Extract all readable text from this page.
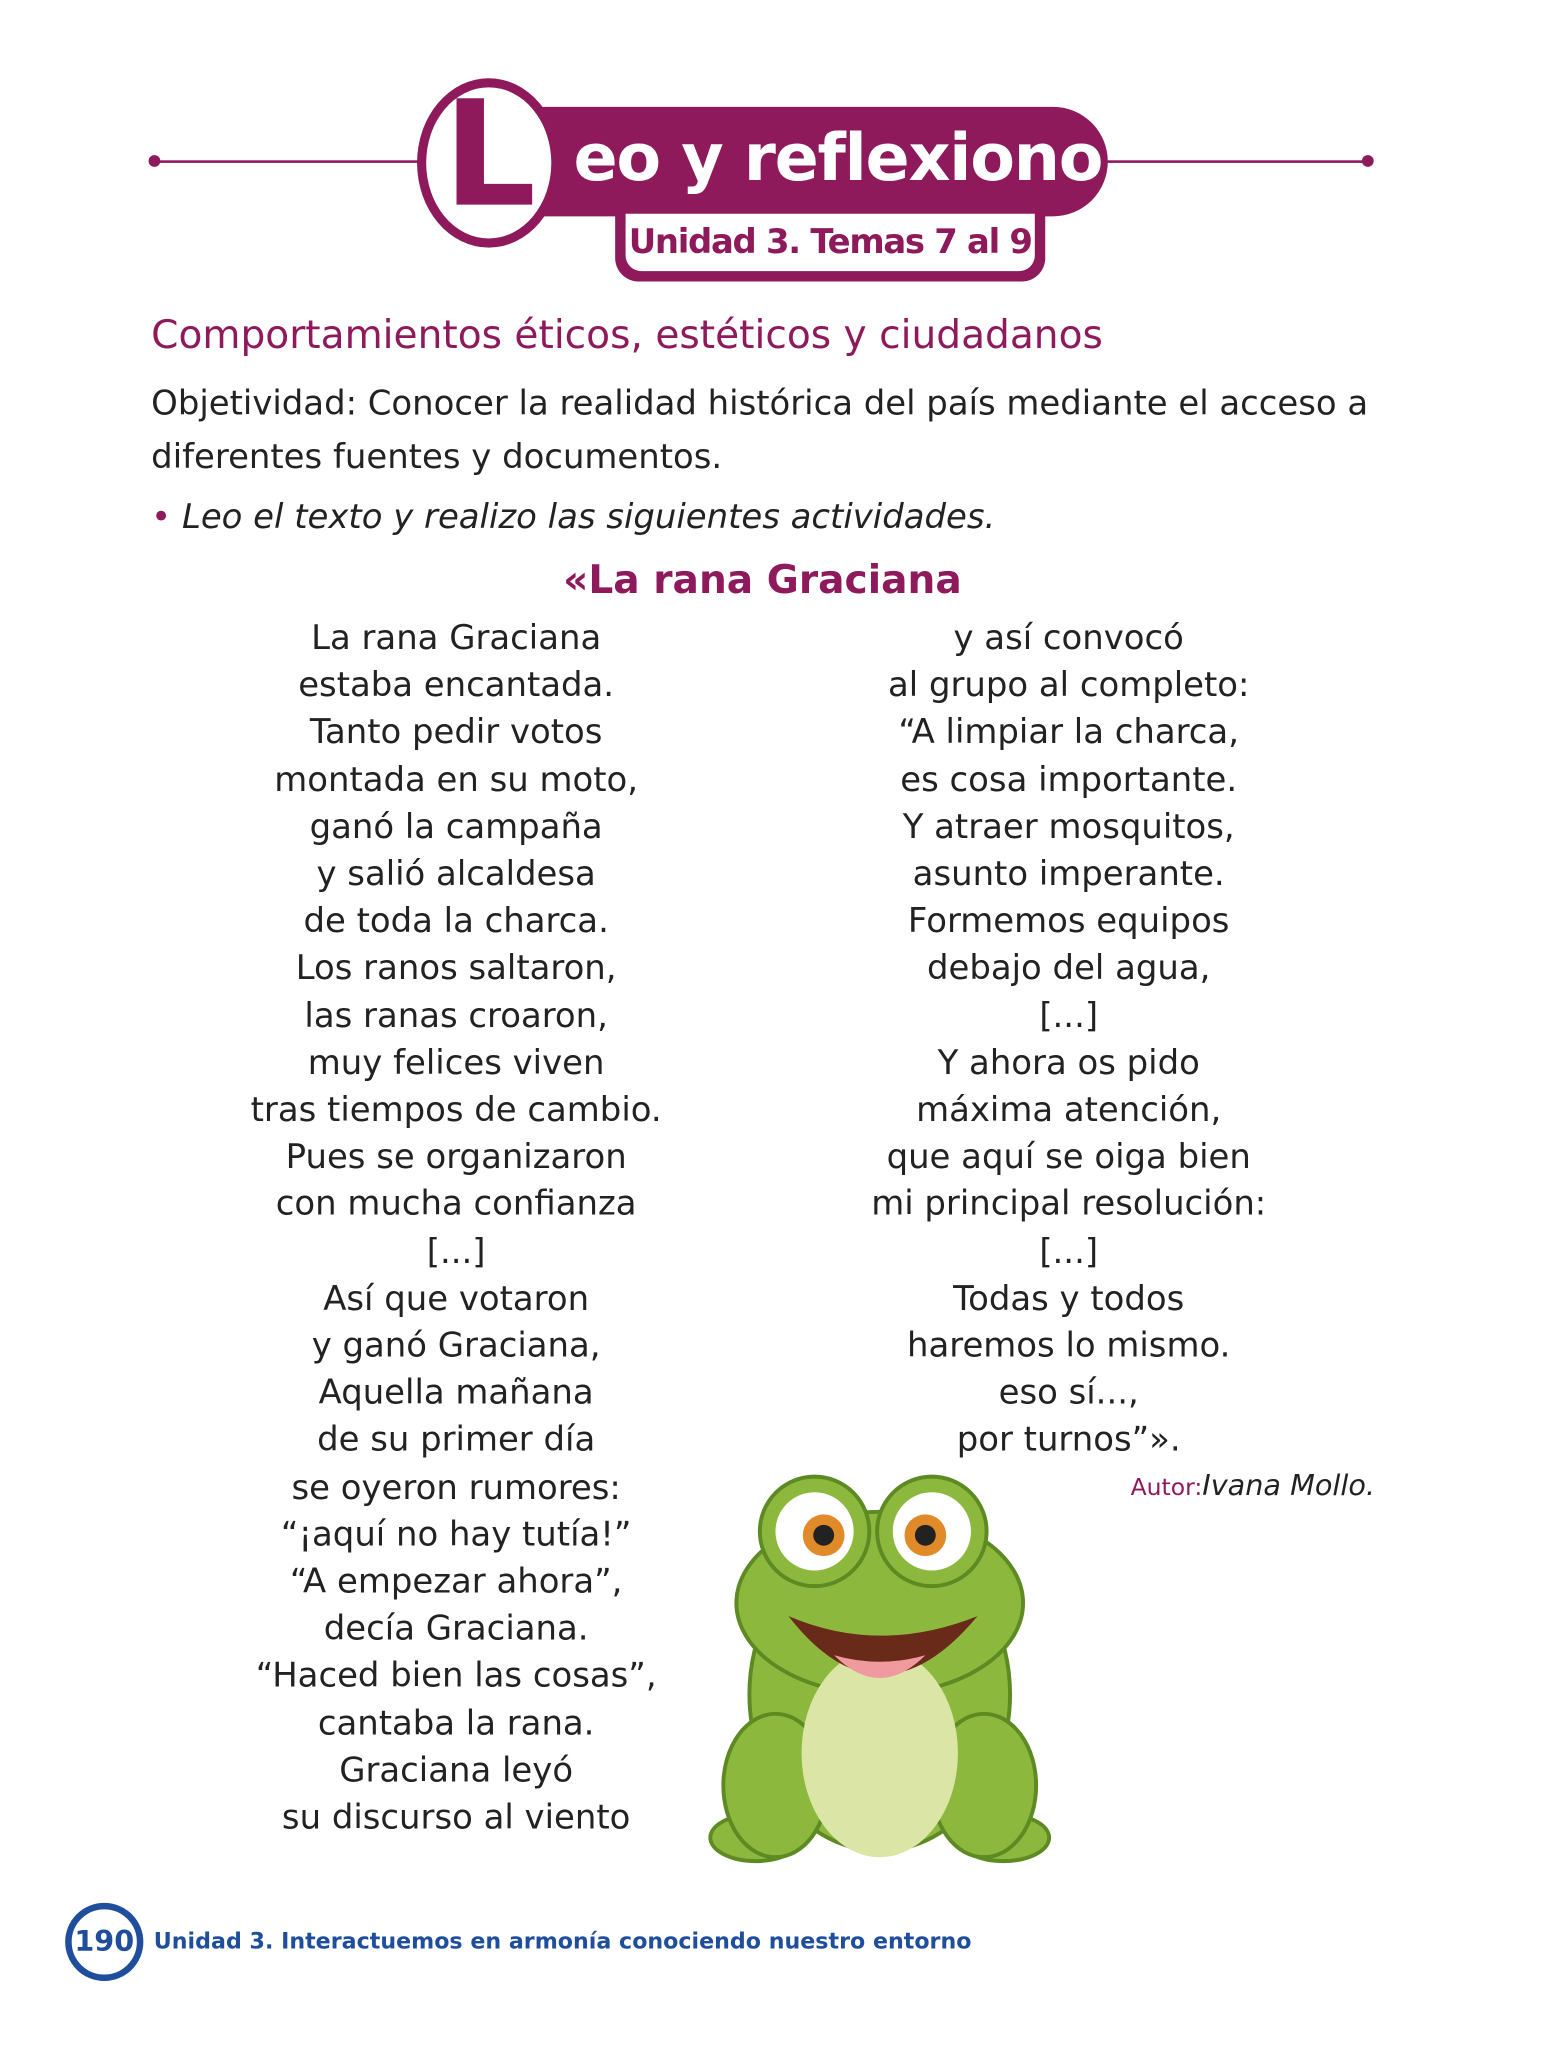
L eo y reflexiono
Unidad 3. Temas 7 al 9
Comportamientos éticos, estéticos y ciudadanos
Objetividad: Conocer la realidad histórica del país mediante el acceso a diferentes fuentes y documentos.
• Leo el texto y realizo las siguientes actividades.
«La rana Graciana
La rana Graciana
estaba encantada.
Tanto pedir votos
montada en su moto,
ganó la campaña
y salió alcaldesa
de toda la charca.
Los ranos saltaron,
las ranas croaron,
muy felices viven
tras tiempos de cambio.
Pues se organizaron
con mucha confianza
[...]
Así que votaron
y ganó Graciana,
Aquella mañana
de su primer día
se oyeron rumores:
“¡aquí no hay tutía!”
“A empezar ahora”,
decía Graciana.
“Haced bien las cosas”,
cantaba la rana.
Graciana leyó
su discurso al viento
y así convocó
al grupo al completo:
“A limpiar la charca,
es cosa importante.
Y atraer mosquitos,
asunto imperante.
Formemos equipos
debajo del agua,
[...]
Y ahora os pido
máxima atención,
que aquí se oiga bien
mi principal resolución:
[...]
Todas y todos
haremos lo mismo.
eso sí...,
por turnos”».
Autor:Ivana Mollo.
190	Unidad 3. Interactuemos en armonía conociendo nuestro entorno
